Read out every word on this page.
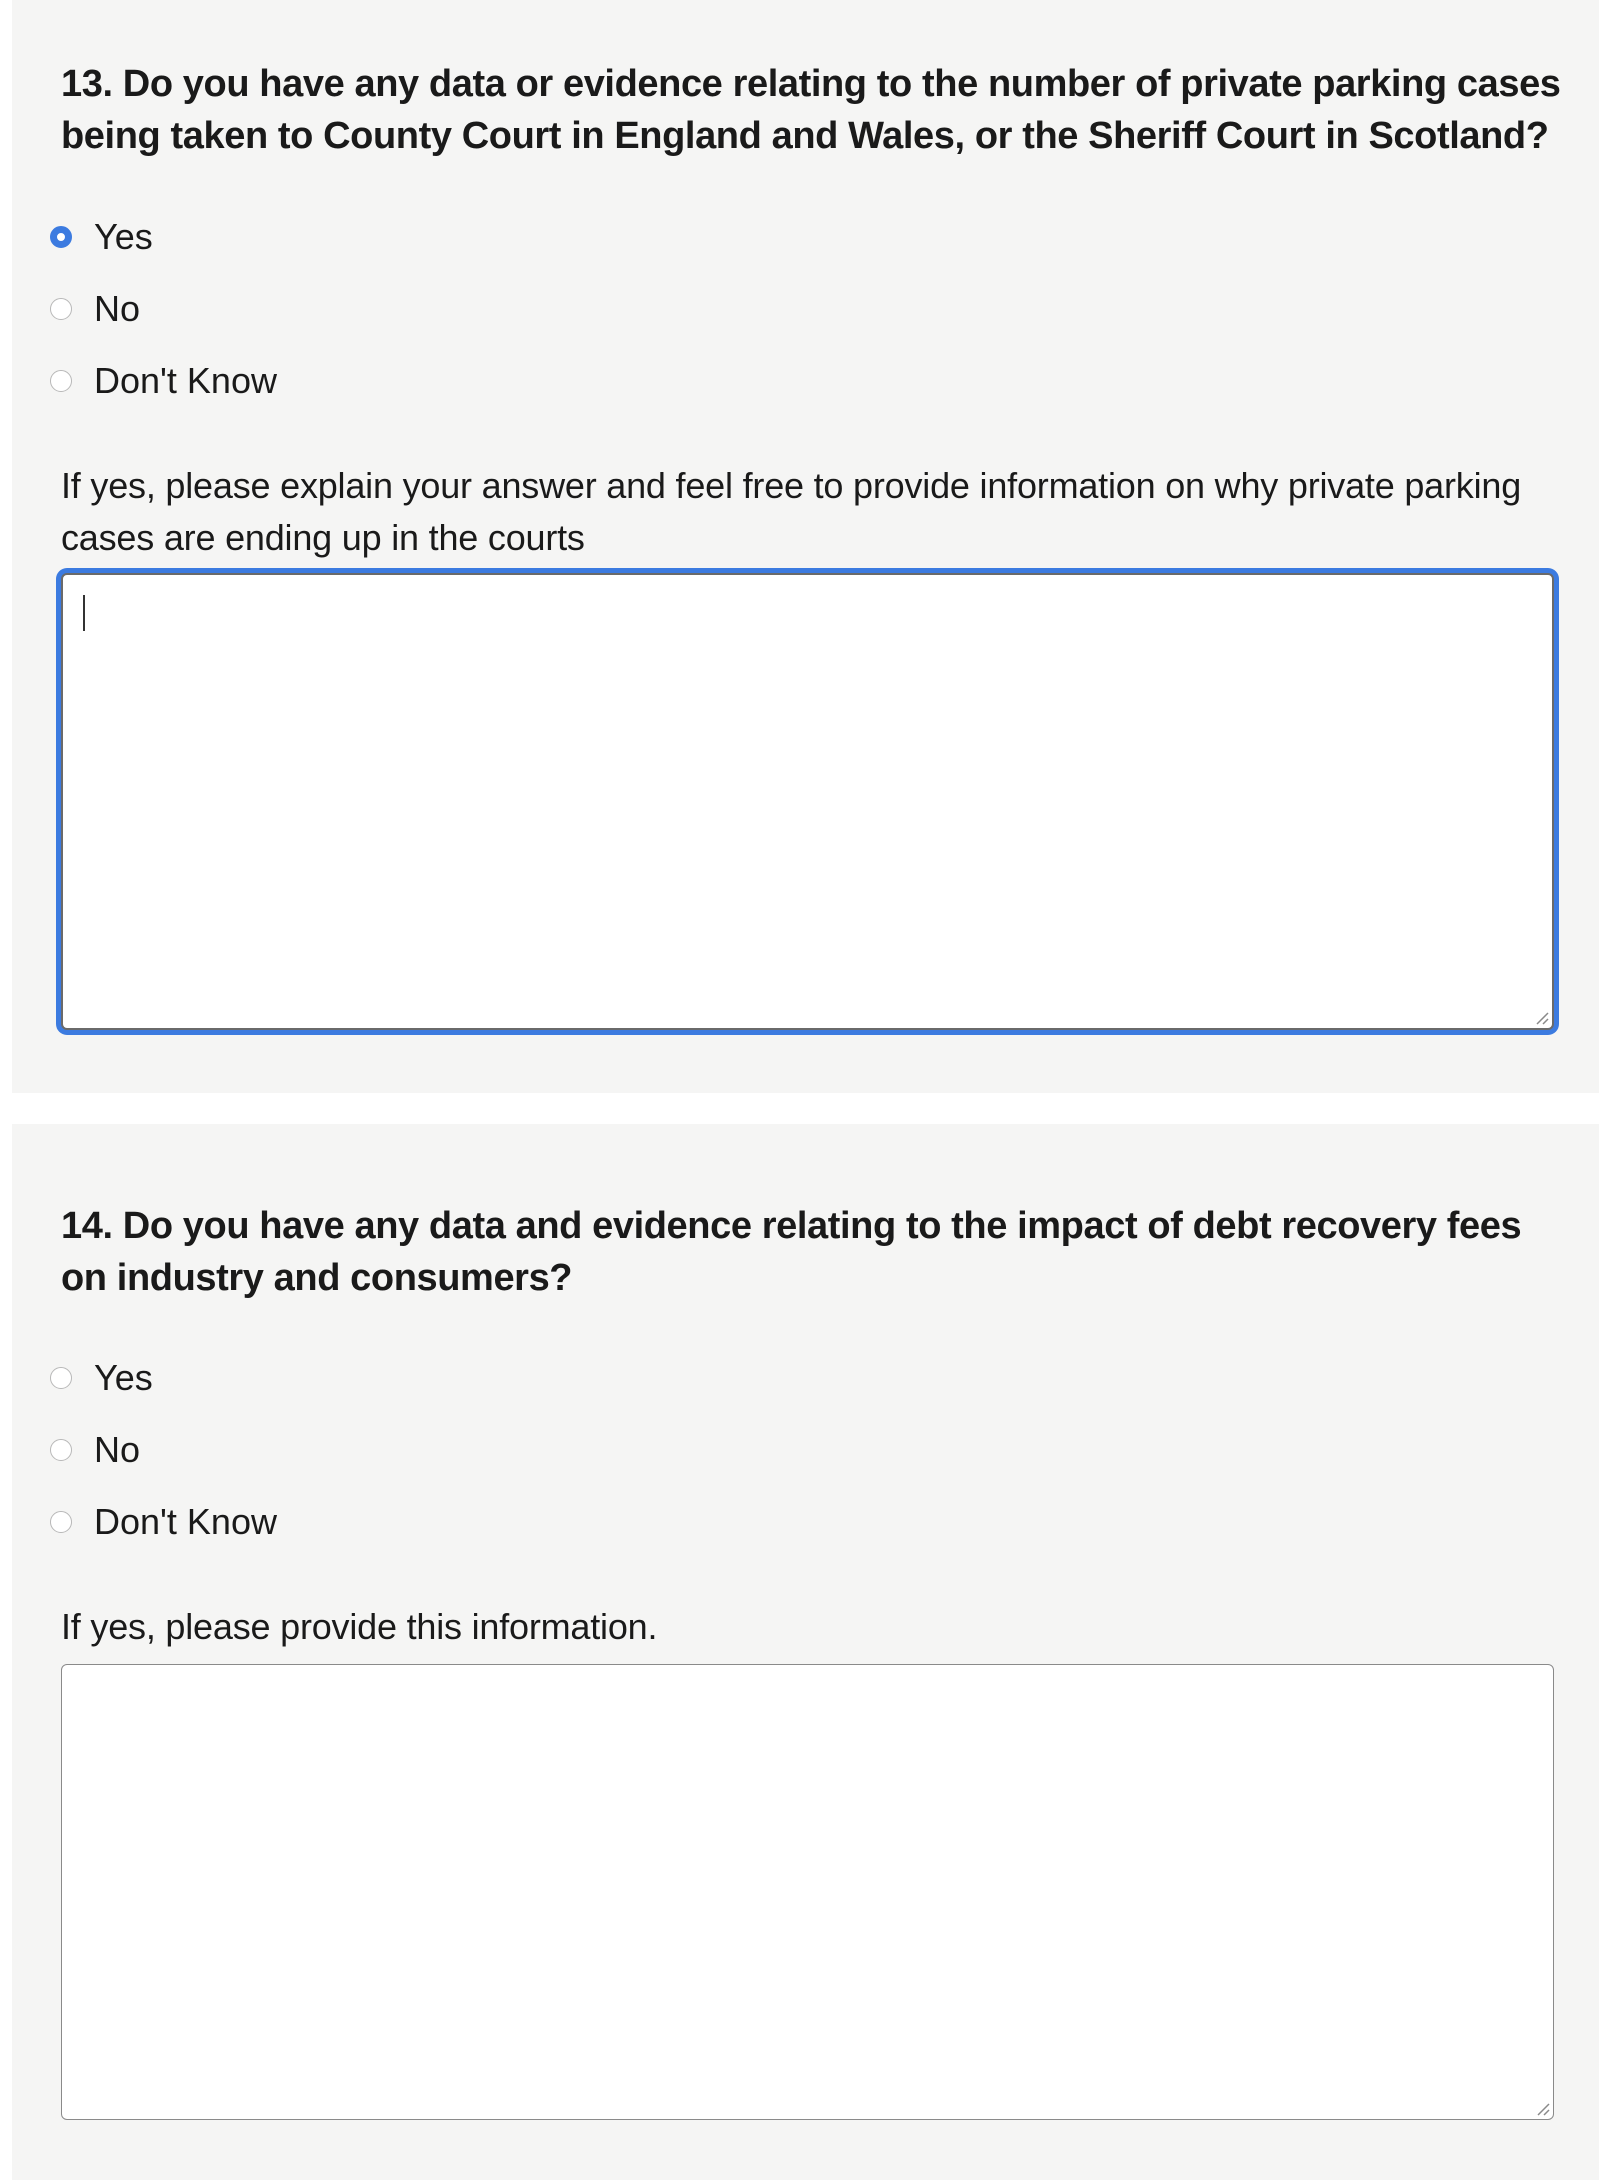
13. Do you have any data or evidence relating to the number of private parking cases being taken to County Court in England and Wales, or the Sheriff Court in Scotland?
Yes
No
Don't Know

If yes, please explain your answer and feel free to provide information on why private parking cases are ending up in the courts

14. Do you have any data and evidence relating to the impact of debt recovery fees on industry and consumers?
Yes
No
Don't Know

If yes, please provide this information.
